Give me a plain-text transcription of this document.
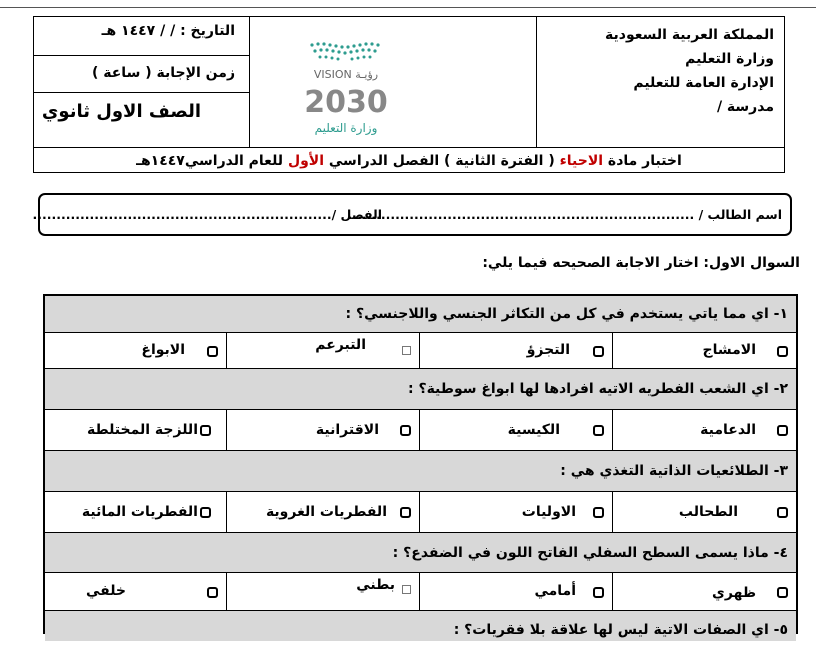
المملكة العربية السعودية
وزارة التعليم
الإدارة العامة للتعليم
مدرسة /
VISION رؤيـة
2030
وزارة التعليم
التاريخ : / / ١٤٤٧ هـ
زمن الإجابة ( ساعة )
الصف الاول ثانوي
اختبار مادة الاحياء ( الفترة الثانية ) الفصل الدراسي الأول للعام الدراسي١٤٤٧هـ
اسم الطالب / .........................................................................
الفصل /...............................................................
السوال الاول: اختار الاجابة الصحيحه فيما يلي:
١- اي مما ياتي يستخدم في كل من التكاثر الجنسي واللاجنسي؟ :
الامشاج
التجزؤ
التبرعم
الابواغ
٢- اي الشعب الفطريه الاتيه افرادها لها ابواغ سوطية؟ :
الدعامية
الكيسية
الاقترانية
اللزجة المختلطة
٣- الطلائعيات الذاتية التغذي هي :
الطحالب
الاوليات
الفطريات الغروية
الفطريات المائية
٤- ماذا يسمى السطح السفلي الفاتح اللون في الضفدع؟ :
ظهري
أمامي
بطني
خلفي
٥- اي الصفات الاتية ليس لها علاقة بلا فقريات؟ :
